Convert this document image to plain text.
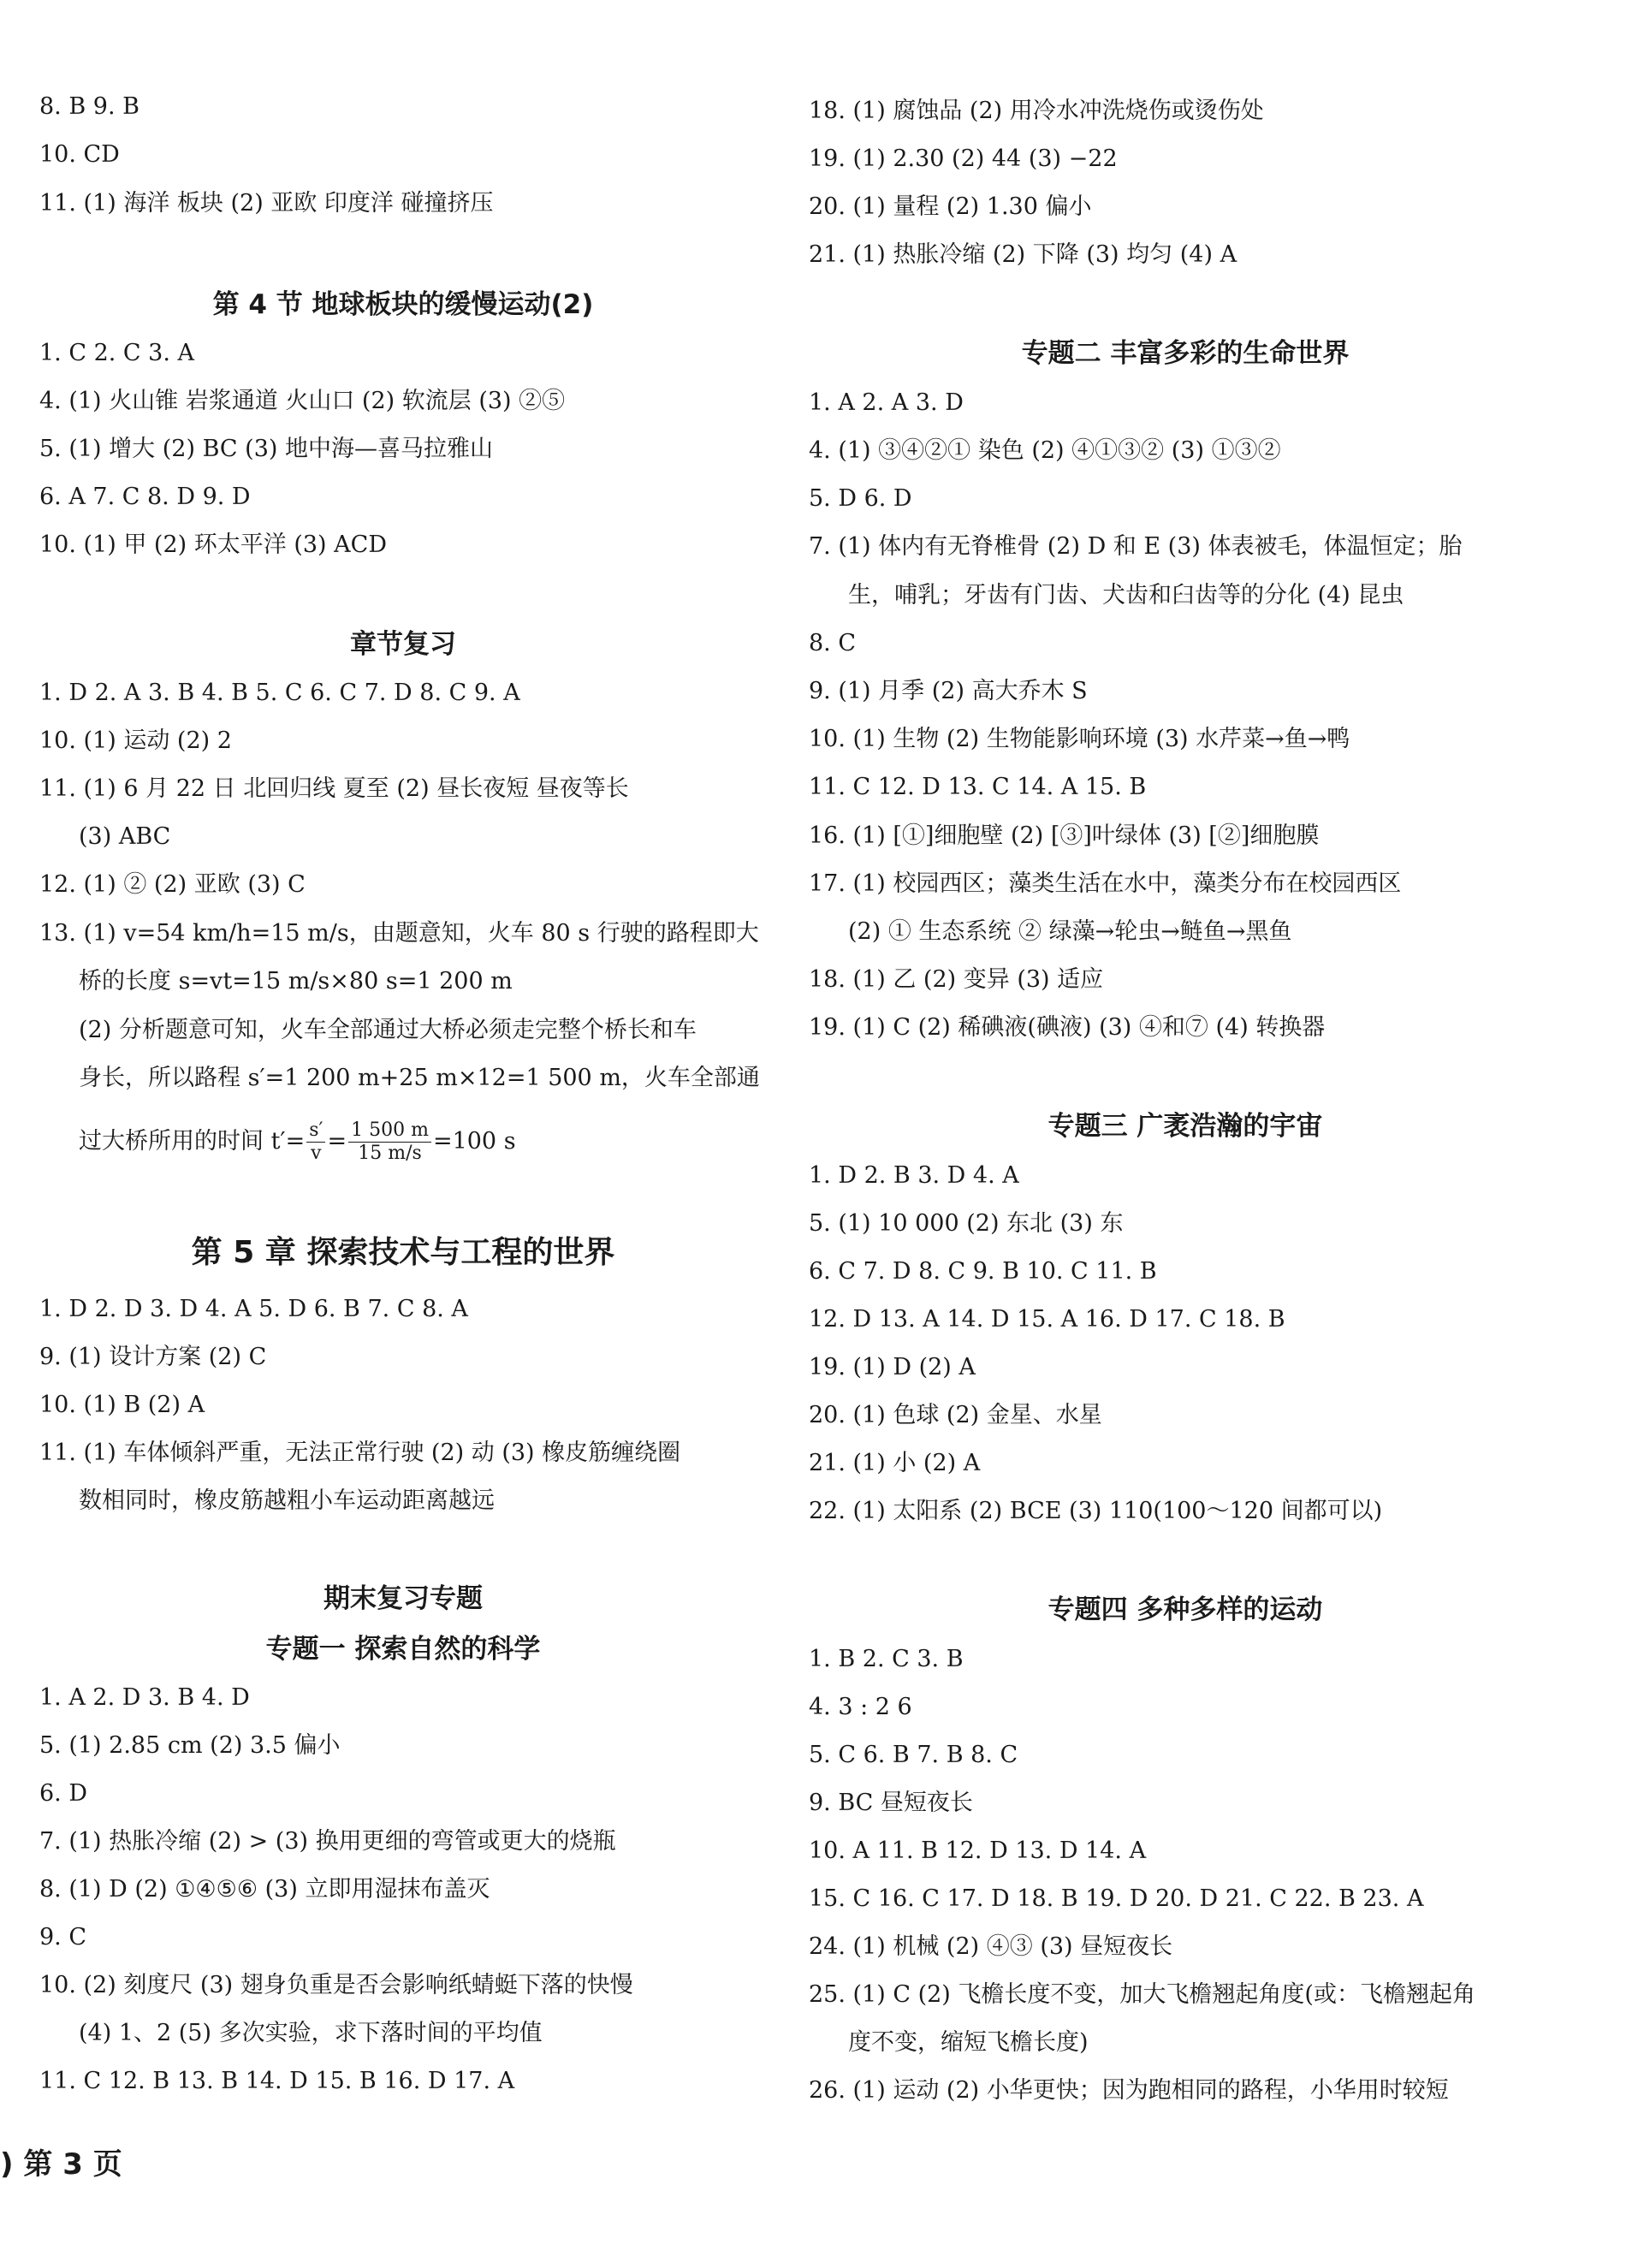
8. B 9. B
10. CD
11. (1) 海洋 板块 (2) 亚欧 印度洋 碰撞挤压
第 4 节 地球板块的缓慢运动(2)
1. C 2. C 3. A
4. (1) 火山锥 岩浆通道 火山口 (2) 软流层 (3) ②⑤
5. (1) 增大 (2) BC (3) 地中海—喜马拉雅山
6. A 7. C 8. D 9. D
10. (1) 甲 (2) 环太平洋 (3) ACD
章节复习
1. D 2. A 3. B 4. B 5. C 6. C 7. D 8. C 9. A
10. (1) 运动 (2) 2
11. (1) 6 月 22 日 北回归线 夏至 (2) 昼长夜短 昼夜等长
(3) ABC
12. (1) ② (2) 亚欧 (3) C
13. (1) v=54 km/h=15 m/s，由题意知，火车 80 s 行驶的路程即大
桥的长度 s=vt=15 m/s×80 s=1 200 m
(2) 分析题意可知，火车全部通过大桥必须走完整个桥长和车
身长，所以路程 s′=1 200 m+25 m×12=1 500 m，火车全部通
过大桥所用的时间 $t'= \frac{s'}{v} = \frac{1 500 m}{15 m/s} =100$ s
第 5 章 探索技术与工程的世界
1. D 2. D 3. D 4. A 5. D 6. B 7. C 8. A
9. (1) 设计方案 (2) C
10. (1) B (2) A
11. (1) 车体倾斜严重，无法正常行驶 (2) 动 (3) 橡皮筋缠绕圈
数相同时，橡皮筋越粗小车运动距离越远
期末复习专题
专题一 探索自然的科学
1. A 2. D 3. B 4. D
5. (1) 2.85 cm (2) 3.5 偏小
6. D
7. (1) 热胀冷缩 (2) > (3) 换用更细的弯管或更大的烧瓶
8. (1) D (2) ①④⑤⑥ (3) 立即用湿抹布盖灭
9. C
10. (2) 刻度尺 (3) 翅身负重是否会影响纸蜻蜓下落的快慢
(4) 1、2 (5) 多次实验，求下落时间的平均值
11. C 12. B 13. B 14. D 15. B 16. D 17. A
18. (1) 腐蚀品 (2) 用冷水冲洗烧伤或烫伤处
19. (1) 2.30 (2) 44 (3) −22
20. (1) 量程 (2) 1.30 偏小
21. (1) 热胀冷缩 (2) 下降 (3) 均匀 (4) A
专题二 丰富多彩的生命世界
1. A 2. A 3. D
4. (1) ③④②① 染色 (2) ④①③② (3) ①③②
5. D 6. D
7. (1) 体内有无脊椎骨 (2) D 和 E (3) 体表被毛，体温恒定；胎
生，哺乳；牙齿有门齿、犬齿和臼齿等的分化 (4) 昆虫
8. C
9. (1) 月季 (2) 高大乔木 S
10. (1) 生物 (2) 生物能影响环境 (3) 水芹菜→鱼→鸭
11. C 12. D 13. C 14. A 15. B
16. (1) [①]细胞壁 (2) [③]叶绿体 (3) [②]细胞膜
17. (1) 校园西区；藻类生活在水中，藻类分布在校园西区
(2) ① 生态系统 ② 绿藻→轮虫→鲢鱼→黑鱼
18. (1) 乙 (2) 变异 (3) 适应
19. (1) C (2) 稀碘液(碘液) (3) ④和⑦ (4) 转换器
专题三 广袤浩瀚的宇宙
1. D 2. B 3. D 4. A
5. (1) 10 000 (2) 东北 (3) 东
6. C 7. D 8. C 9. B 10. C 11. B
12. D 13. A 14. D 15. A 16. D 17. C 18. B
19. (1) D (2) A
20. (1) 色球 (2) 金星、水星
21. (1) 小 (2) A
22. (1) 太阳系 (2) BCE (3) 110(100～120 间都可以)
专题四 多种多样的运动
1. B 2. C 3. B
4. 3 : 2 6
5. C 6. B 7. B 8. C
9. BC 昼短夜长
10. A 11. B 12. D 13. D 14. A
15. C 16. C 17. D 18. B 19. D 20. D 21. C 22. B 23. A
24. (1) 机械 (2) ④③ (3) 昼短夜长
25. (1) C (2) 飞檐长度不变，加大飞檐翘起角度(或：飞檐翘起角
度不变，缩短飞檐长度)
26. (1) 运动 (2) 小华更快；因为跑相同的路程，小华用时较短
) 第 3 页
